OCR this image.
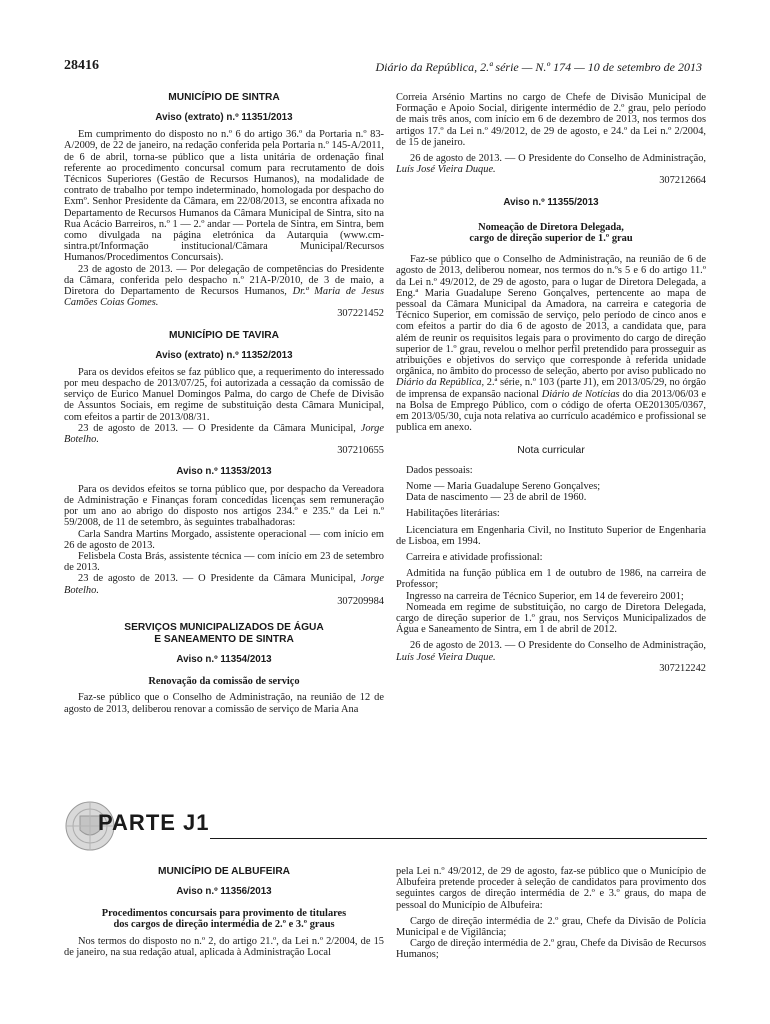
28416	Diário da República, 2.ª série — N.º 174 — 10 de setembro de 2013
MUNICÍPIO DE SINTRA
Aviso (extrato) n.º 11351/2013

Em cumprimento do disposto no n.º 6 do artigo 36.º da Portaria n.º 83-A/2009, de 22 de janeiro, na redação conferida pela Portaria n.º 145-A/2011, de 6 de abril, torna-se público que a lista unitária de ordenação final referente ao procedimento concursal comum para recrutamento de dois Técnicos Superiores (Gestão de Recursos Humanos), na modalidade de contrato de trabalho por tempo indeterminado, homologada por despacho do Exmº. Senhor Presidente da Câmara, em 22/08/2013, se encontra afixada no Departamento de Recursos Humanos da Câmara Municipal de Sintra, sito na Rua Acácio Barreiros, n.º 1 — 2.º andar — Portela de Sintra, em Sintra, bem como divulgada na página eletrónica da Autarquia (www.cm-sintra.pt/Informação institucional/Câmara Municipal/Recursos Humanos/Procedimentos Concursais).

23 de agosto de 2013. — Por delegação de competências do Presidente da Câmara, conferida pelo despacho n.º 21A-P/2010, de 3 de maio, a Diretora do Departamento de Recursos Humanos, Dr.ª Maria de Jesus Camões Coias Gomes.

307221452
MUNICÍPIO DE TAVIRA
Aviso (extrato) n.º 11352/2013

Para os devidos efeitos se faz público que, a requerimento do interessado por meu despacho de 2013/07/25, foi autorizada a cessação da comissão de serviço de Eurico Manuel Domingos Palma, do cargo de Chefe de Divisão de Assuntos Sociais, em regime de substituição desta Câmara Municipal, com efeitos a partir de 2013/08/31.

23 de agosto de 2013. — O Presidente da Câmara Municipal, Jorge Botelho.

307210655
Aviso n.º 11353/2013

Para os devidos efeitos se torna público que, por despacho da Vereadora de Administração e Finanças foram concedidas licenças sem remuneração por um ano ao abrigo do disposto nos artigos 234.º e 235.º da Lei n.º 59/2008, de 11 de setembro, às seguintes trabalhadoras:

Carla Sandra Martins Morgado, assistente operacional — com início em 26 de agosto de 2013.

Felisbela Costa Brás, assistente técnica — com início em 23 de setembro de 2013.

23 de agosto de 2013. — O Presidente da Câmara Municipal, Jorge Botelho.

307209984
SERVIÇOS MUNICIPALIZADOS DE ÁGUA
E SANEAMENTO DE SINTRA
Aviso n.º 11354/2013
Renovação da comissão de serviço

Faz-se público que o Conselho de Administração, na reunião de 12 de agosto de 2013, deliberou renovar a comissão de serviço de Maria Ana

Correia Arsénio Martins no cargo de Chefe de Divisão Municipal de Formação e Apoio Social, dirigente intermédio de 2.º grau, pelo período de mais três anos, com início em 6 de dezembro de 2013, nos termos dos artigos 17.º da Lei n.º 49/2012, de 29 de agosto, e 24.º da Lei n.º 2/2004, de 15 de janeiro.

26 de agosto de 2013. — O Presidente do Conselho de Administração, Luís José Vieira Duque.

307212664
Aviso n.º 11355/2013
Nomeação de Diretora Delegada,
cargo de direção superior de 1.º grau

Faz-se público que o Conselho de Administração, na reunião de 6 de agosto de 2013, deliberou nomear, nos termos do n.ºs 5 e 6 do artigo 11.º da Lei n.º 49/2012, de 29 de agosto, para o lugar de Diretora Delegada, a Eng.ª Maria Guadalupe Sereno Gonçalves, pertencente ao mapa de pessoal da Câmara Municipal da Amadora, na carreira e categoria de Técnico Superior, em comissão de serviço, pelo período de cinco anos e com efeitos a partir do dia 6 de agosto de 2013, a candidata que, para além de reunir os requisitos legais para o provimento do cargo de direção superior de 1.º grau, revelou o melhor perfil pretendido para prosseguir as atribuições e objetivos do serviço que corresponde à referida unidade orgânica, no âmbito do processo de seleção, aberto por aviso publicado no Diário da República, 2.ª série, n.º 103 (parte J1), em 2013/05/29, no órgão de imprensa de expansão nacional Diário de Notícias do dia 2013/06/03 e na Bolsa de Emprego Público, com o código de oferta OE201305/0367, em 2013/05/30, cuja nota relativa ao currículo académico e profissional se publica em anexo.

Nota curricular

Dados pessoais:

Nome — Maria Guadalupe Sereno Gonçalves;

Data de nascimento — 23 de abril de 1960.

Habilitações literárias:

Licenciatura em Engenharia Civil, no Instituto Superior de Engenharia de Lisboa, em 1994.

Carreira e atividade profissional:

Admitida na função pública em 1 de outubro de 1986, na carreira de Professor;

Ingresso na carreira de Técnico Superior, em 14 de fevereiro 2001;

Nomeada em regime de substituição, no cargo de Diretora Delegada, cargo de direção superior de 1.º grau, nos Serviços Municipalizados de Água e Saneamento de Sintra, em 1 de abril de 2012.

26 de agosto de 2013. — O Presidente do Conselho de Administração, Luís José Vieira Duque.

307212242
PARTE J1
MUNICÍPIO DE ALBUFEIRA
Aviso n.º 11356/2013
Procedimentos concursais para provimento de titulares
dos cargos de direção intermédia de 2.º e 3.º graus

Nos termos do disposto no n.º 2, do artigo 21.º, da Lei n.º 2/2004, de 15 de janeiro, na sua redação atual, aplicada à Administração Local

pela Lei n.º 49/2012, de 29 de agosto, faz-se público que o Município de Albufeira pretende proceder à seleção de candidatos para provimento dos seguintes cargos de direção intermédia de 2.º e 3.º graus, do mapa de pessoal do Município de Albufeira:

Cargo de direção intermédia de 2.º grau, Chefe da Divisão de Polícia Municipal e de Vigilância;

Cargo de direção intermédia de 2.º grau, Chefe da Divisão de Recursos Humanos;
